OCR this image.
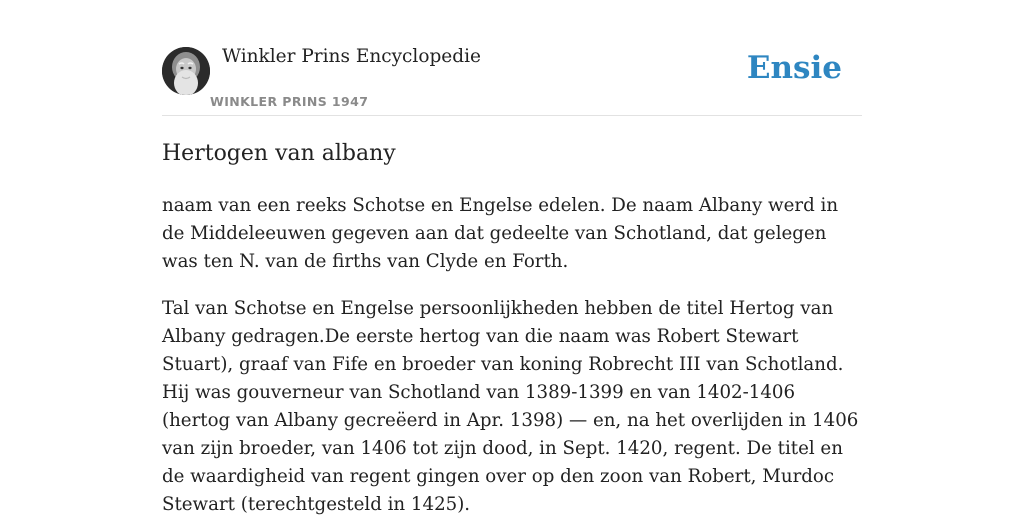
Winkler Prins Encyclopedie
WINKLER PRINS 1947
Ensie
Hertogen van albany

naam van een reeks Schotse en Engelse edelen. De naam Albany werd in de Middeleeuwen gegeven aan dat gedeelte van Schotland, dat gelegen was ten N. van de firths van Clyde en Forth.

Tal van Schotse en Engelse persoonlijkheden hebben de titel Hertog van Albany gedragen.De eerste hertog van die naam was Robert Stewart Stuart), graaf van Fife en broeder van koning Robrecht III van Schotland. Hij was gouverneur van Schotland van 1389-1399 en van 1402-1406 (hertog van Albany gecreëerd in Apr. 1398) — en, na het overlijden in 1406 van zijn broeder, van 1406 tot zijn dood, in Sept. 1420, regent. De titel en de waardigheid van regent gingen over op den zoon van Robert, Murdoc Stewart (terechtgesteld in 1425).
